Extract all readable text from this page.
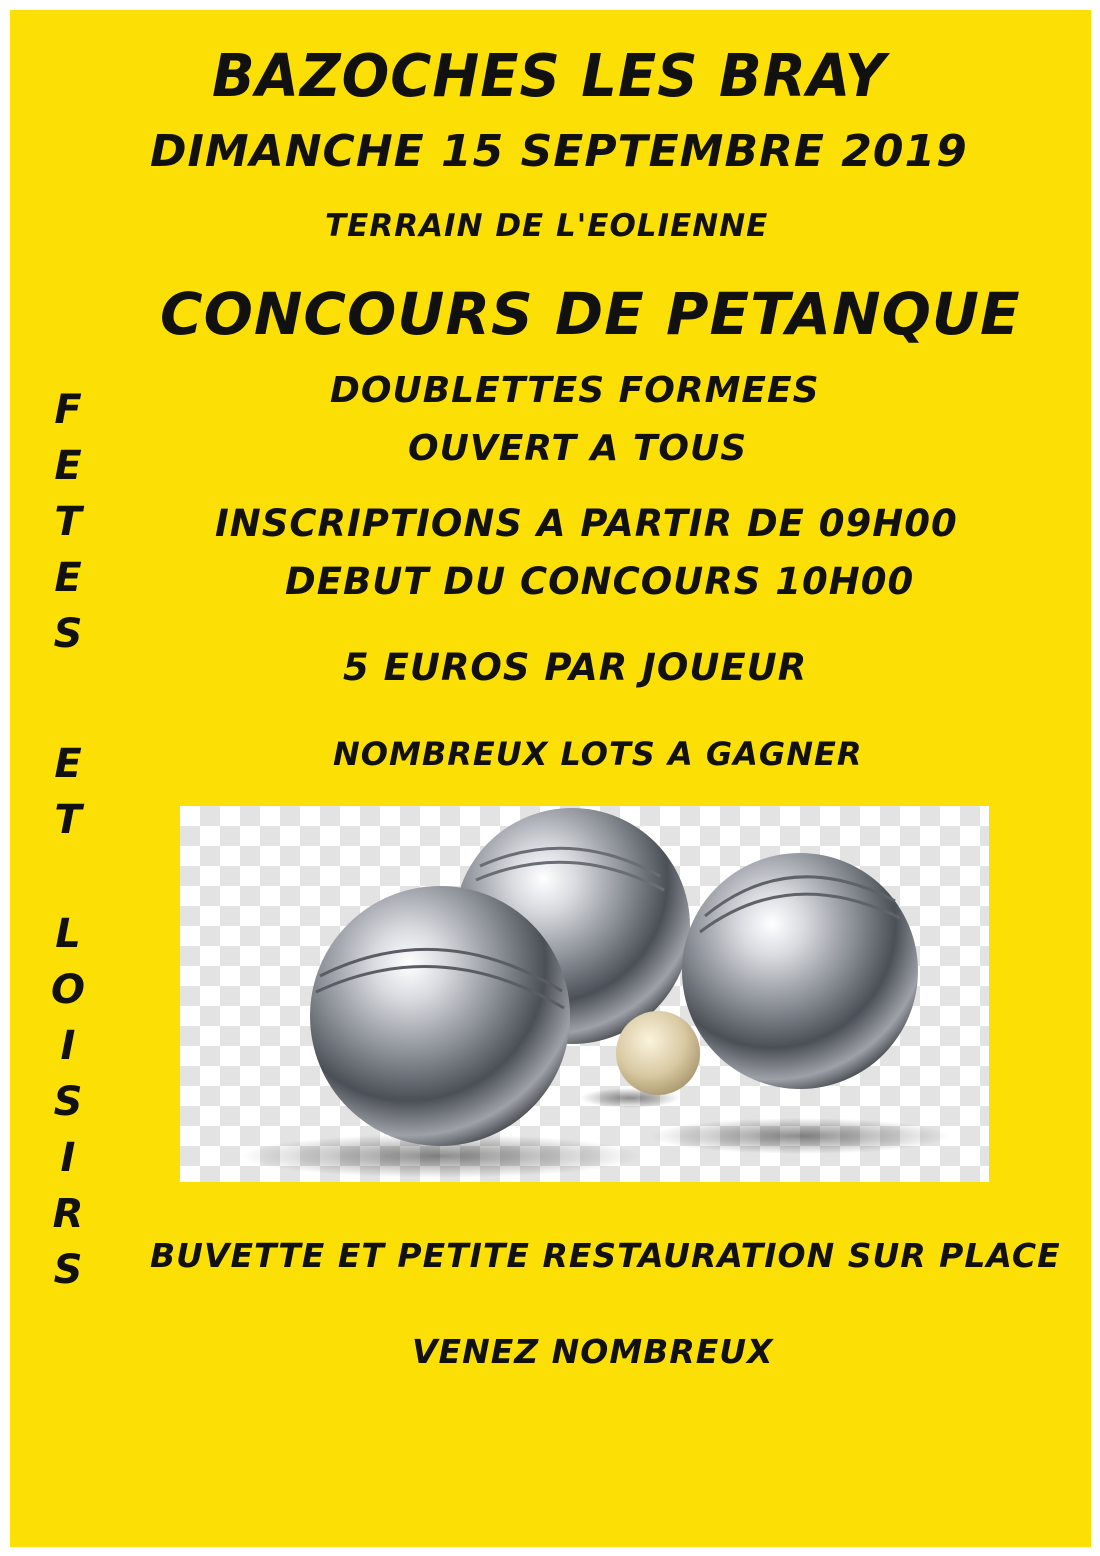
BAZOCHES LES BRAY
DIMANCHE 15 SEPTEMBRE 2019
TERRAIN DE L'EOLIENNE
CONCOURS DE PETANQUE
DOUBLETTES FORMEES
OUVERT A TOUS
INSCRIPTIONS A PARTIR DE 09H00
DEBUT DU CONCOURS 10H00
5 EUROS PAR JOUEUR
NOMBREUX LOTS A GAGNER
F
E
T
E
S
E
T
L
O
I
S
I
R
S	BUVETTE ET PETITE RESTAURATION SUR PLACE
VENEZ NOMBREUX
